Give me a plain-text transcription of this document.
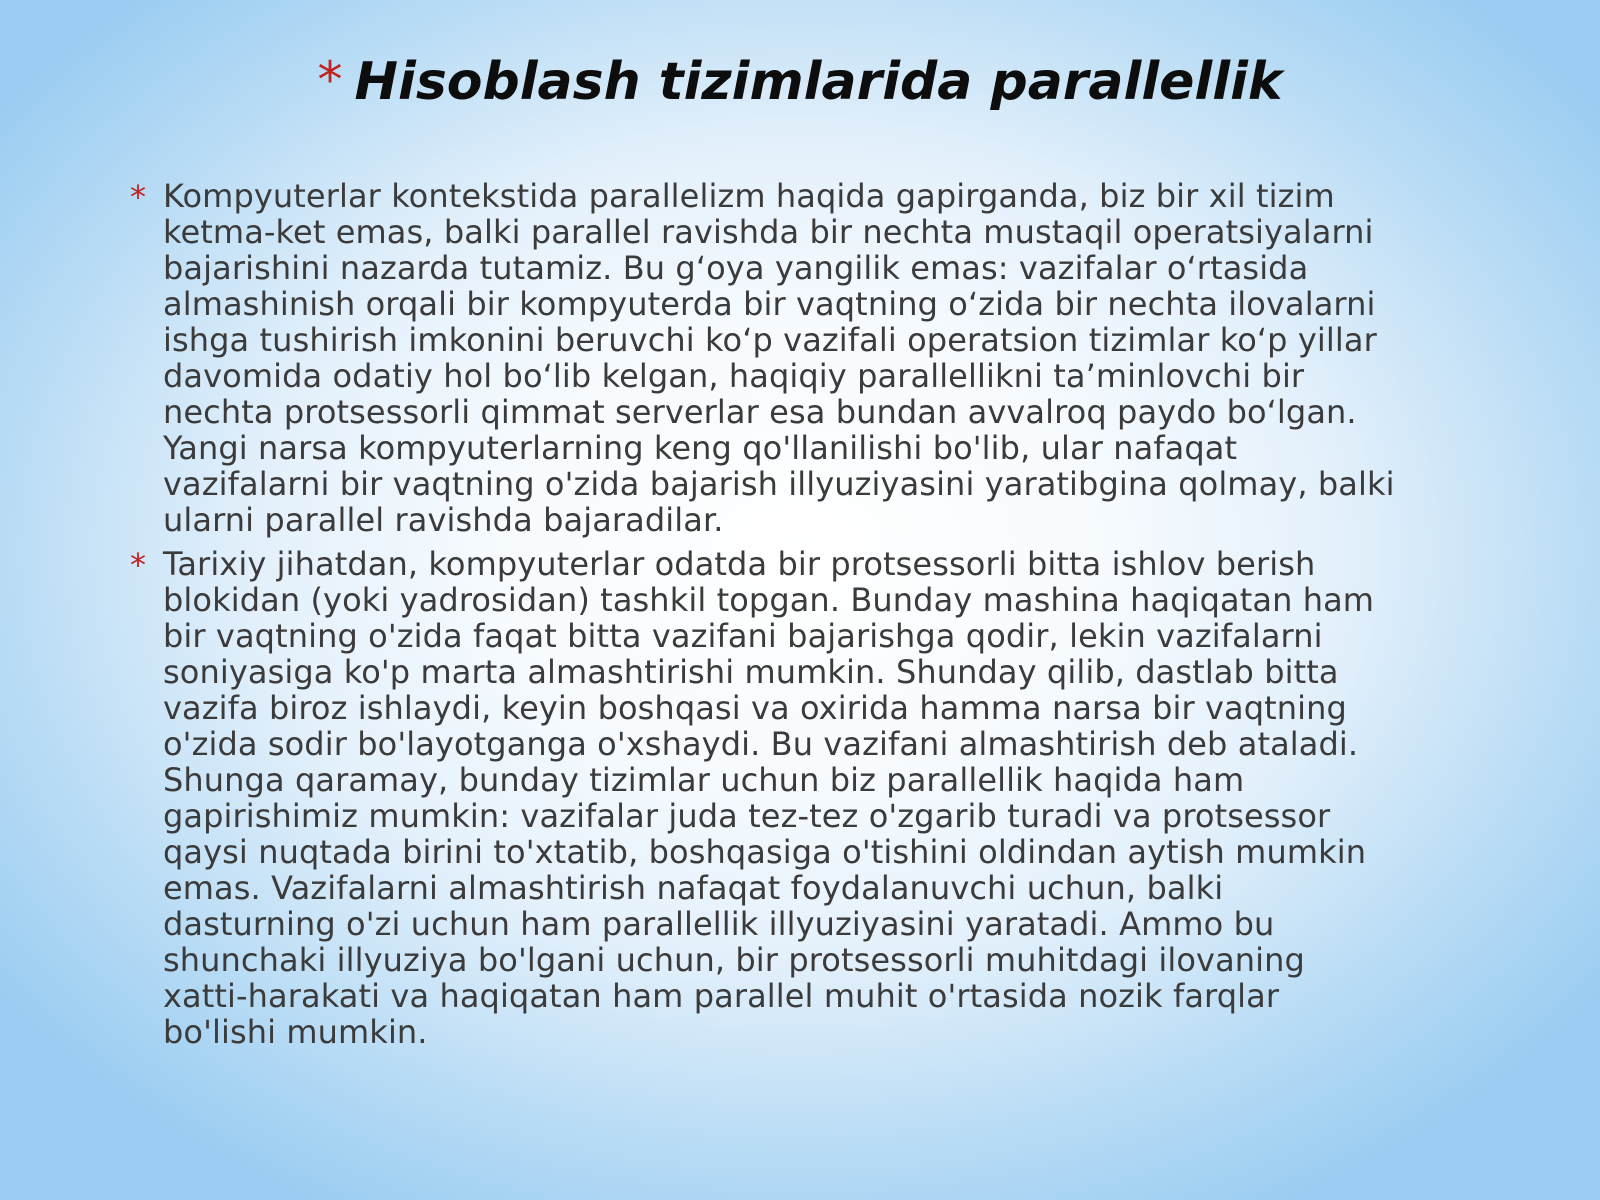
* Hisoblash tizimlarida parallellik
* Kompyuterlar kontekstida parallelizm haqida gapirganda, biz bir xil tizim
ketma-ket emas, balki parallel ravishda bir nechta mustaqil operatsiyalarni
bajarishini nazarda tutamiz. Bu g‘oya yangilik emas: vazifalar o‘rtasida
almashinish orqali bir kompyuterda bir vaqtning o‘zida bir nechta ilovalarni
ishga tushirish imkonini beruvchi ko‘p vazifali operatsion tizimlar ko‘p yillar
davomida odatiy hol bo‘lib kelgan, haqiqiy parallellikni ta’minlovchi bir
nechta protsessorli qimmat serverlar esa bundan avvalroq paydo bo‘lgan.
Yangi narsa kompyuterlarning keng qo'llanilishi bo'lib, ular nafaqat
vazifalarni bir vaqtning o'zida bajarish illyuziyasini yaratibgina qolmay, balki
ularni parallel ravishda bajaradilar.
* Tarixiy jihatdan, kompyuterlar odatda bir protsessorli bitta ishlov berish
blokidan (yoki yadrosidan) tashkil topgan. Bunday mashina haqiqatan ham
bir vaqtning o'zida faqat bitta vazifani bajarishga qodir, lekin vazifalarni
soniyasiga ko'p marta almashtirishi mumkin. Shunday qilib, dastlab bitta
vazifa biroz ishlaydi, keyin boshqasi va oxirida hamma narsa bir vaqtning
o'zida sodir bo'layotganga o'xshaydi. Bu vazifani almashtirish deb ataladi.
Shunga qaramay, bunday tizimlar uchun biz parallellik haqida ham
gapirishimiz mumkin: vazifalar juda tez-tez o'zgarib turadi va protsessor
qaysi nuqtada birini to'xtatib, boshqasiga o'tishini oldindan aytish mumkin
emas. Vazifalarni almashtirish nafaqat foydalanuvchi uchun, balki
dasturning o'zi uchun ham parallellik illyuziyasini yaratadi. Ammo bu
shunchaki illyuziya bo'lgani uchun, bir protsessorli muhitdagi ilovaning
xatti-harakati va haqiqatan ham parallel muhit o'rtasida nozik farqlar
bo'lishi mumkin.
